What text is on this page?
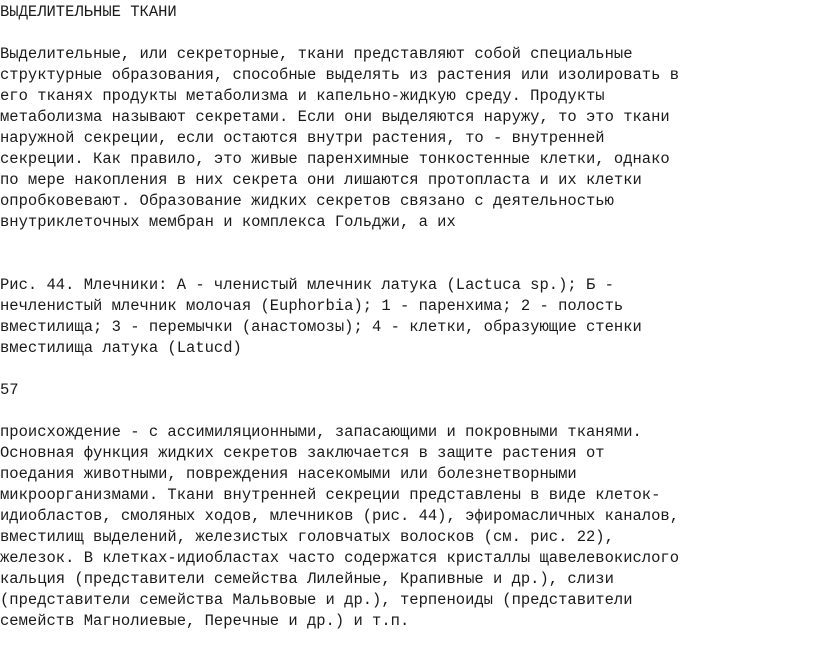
ВЫДЕЛИТЕЛЬНЫЕ ТКАНИ
Выделительные, или секреторные, ткани представляют собой специальные
структурные образования, способные выделять из растения или изолировать в
его тканях продукты метаболизма и капельно-жидкую среду. Продукты
метаболизма называют секретами. Если они выделяются наружу, то это ткани
наружной секреции, если остаются внутри растения, то - внутренней
секреции. Как правило, это живые паренхимные тонкостенные клетки, однако
по мере накопления в них секрета они лишаются протопласта и их клетки
опробковевают. Образование жидких секретов связано с деятельностью
внутриклеточных мембран и комплекса Гольджи, а их
Рис. 44. Млечники: А - членистый млечник латука (Lactuca sp.); Б -
нечленистый млечник молочая (Euphorbia); 1 - паренхима; 2 - полость
вместилища; 3 - перемычки (анастомозы); 4 - клетки, образующие стенки
вместилища латука (Latucd)
57
происхождение - с ассимиляционными, запасающими и покровными тканями.
Основная функция жидких секретов заключается в защите растения от
поедания животными, повреждения насекомыми или болезнетворными
микроорганизмами. Ткани внутренней секреции представлены в виде клеток-
идиобластов, смоляных ходов, млечников (рис. 44), эфиромасличных каналов,
вместилищ выделений, железистых головчатых волосков (см. рис. 22),
железок. В клетках-идиобластах часто содержатся кристаллы щавелевокислого
кальция (представители семейства Лилейные, Крапивные и др.), слизи
(представители семейства Мальвовые и др.), терпеноиды (представители
семейств Магнолиевые, Перечные и др.) и т.п.
